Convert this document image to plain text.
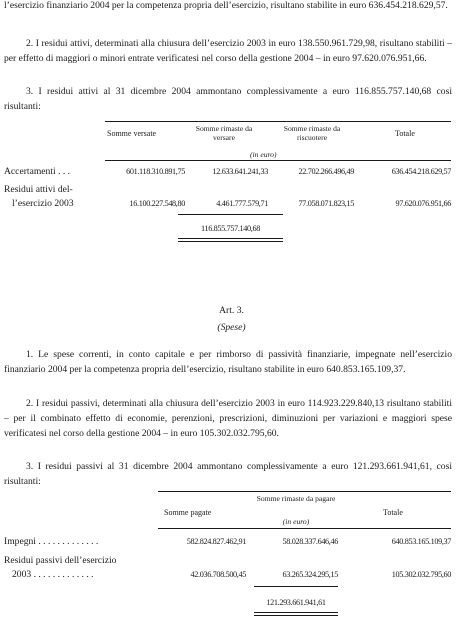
l’esercizio finanziario 2004 per la competenza propria dell’esercizio, risultano stabilite in euro 636.454.218.629,57.
2. I residui attivi, determinati alla chiusura dell’esercizio 2003 in euro 138.550.961.729,98, risultano stabiliti – per effetto di maggiori o minori entrate verificatesi nel corso della gestione 2004 – in euro 97.620.076.951,66.
3. I residui attivi al 31 dicembre 2004 ammontano complessivamente a euro 116.855.757.140,68 così risultanti:
Somme versate
Somme rimaste da versare
Somme rimaste da riscuotere	Totale
(in euro)
Accertamenti . . .	601.118.310.891,75	12.633.641.241,33	22.702.266.496,49	636.454.218.629,57
Residui attivi del-
l’esercizio 2003	16.100.227.548,80	4.461.777.579,71	77.058.071.823,15	97.620.076.951,66
116.855.757.140,68
Art. 3.
(Spese)
1. Le spese correnti, in conto capitale e per rimborso di passività finanziarie, impegnate nell’esercizio finanziario 2004 per la competenza propria dell’esercizio, risultano stabilite in euro 640.853.165.109,37.
2. I residui passivi, determinati alla chiusura dell’esercizio 2003 in euro 114.923.229.840,13 risultano stabiliti – per il combinato effetto di economie, perenzioni, prescrizioni, diminuzioni per variazioni e maggiori spese verificatesi nel corso della gestione 2004 – in euro 105.302.032.795,60.
3. I residui passivi al 31 dicembre 2004 ammontano complessivamente a euro 121.293.661.941,61, così risultanti:
Somme pagate
Somme rimaste da pagare
(in euro)
Totale
Impegni . . . . . . . . . . . . .	582.824.827.462,91	58.028.337.646,46	640.853.165.109,37
Residui passivi dell’esercizio
2003 . . . . . . . . . . . . .	42.036.708.500,45	63.265.324.295,15	105.302.032.795,60
121.293.661.941,61
